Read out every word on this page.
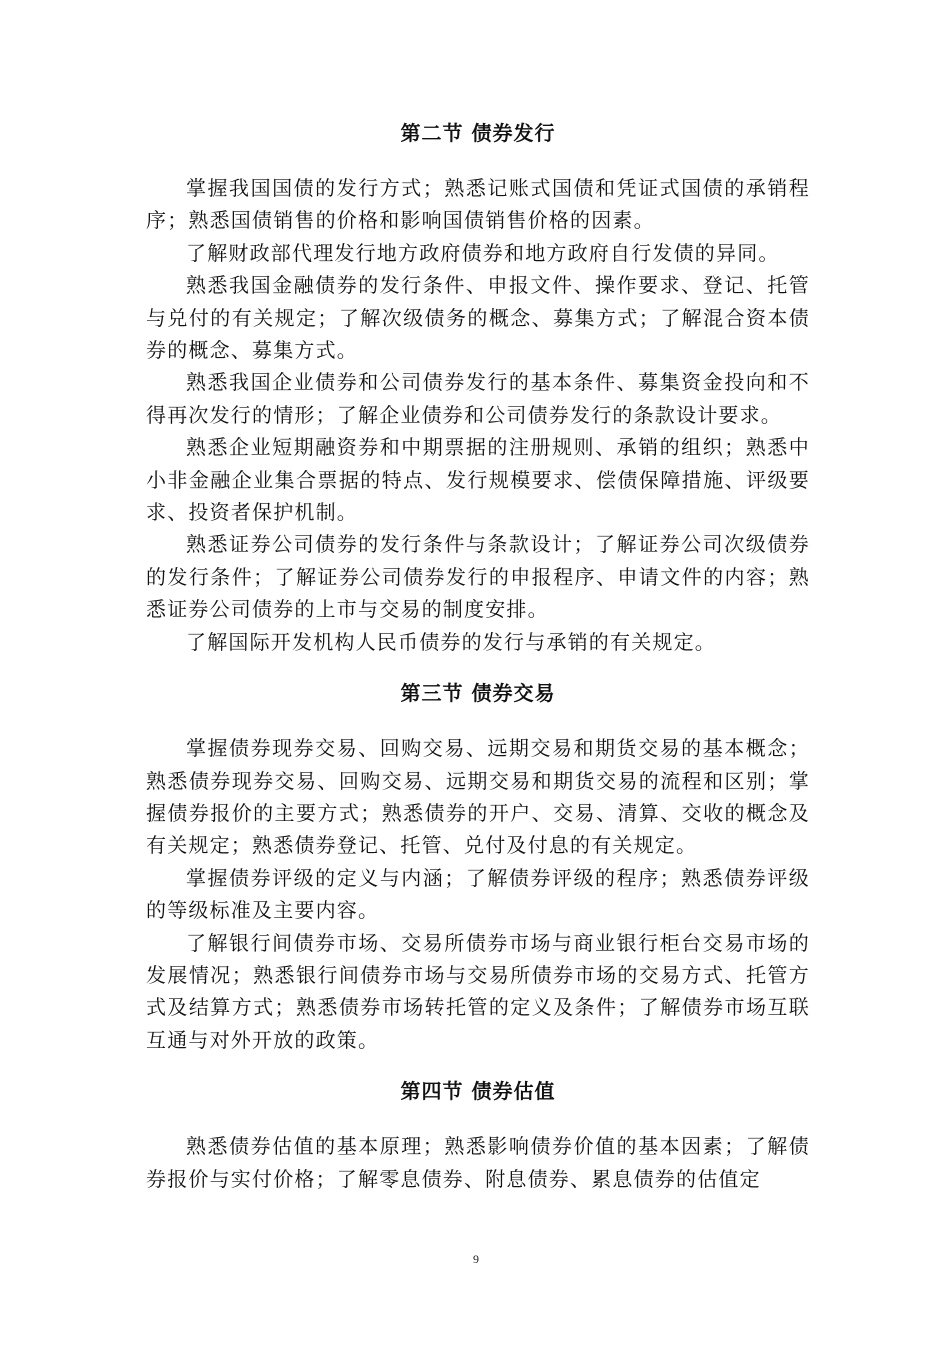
第二节 债券发行

掌握我国国债的发行方式；熟悉记账式国债和凭证式国债的承销程序；熟悉国债销售的价格和影响国债销售价格的因素。

了解财政部代理发行地方政府债券和地方政府自行发债的异同。

熟悉我国金融债券的发行条件、申报文件、操作要求、登记、托管与兑付的有关规定；了解次级债务的概念、募集方式；了解混合资本债券的概念、募集方式。

熟悉我国企业债券和公司债券发行的基本条件、募集资金投向和不得再次发行的情形；了解企业债券和公司债券发行的条款设计要求。

熟悉企业短期融资券和中期票据的注册规则、承销的组织；熟悉中小非金融企业集合票据的特点、发行规模要求、偿债保障措施、评级要求、投资者保护机制。

熟悉证券公司债券的发行条件与条款设计；了解证券公司次级债券的发行条件；了解证券公司债券发行的申报程序、申请文件的内容；熟悉证券公司债券的上市与交易的制度安排。

了解国际开发机构人民币债券的发行与承销的有关规定。

第三节 债券交易

掌握债券现券交易、回购交易、远期交易和期货交易的基本概念；熟悉债券现券交易、回购交易、远期交易和期货交易的流程和区别；掌握债券报价的主要方式；熟悉债券的开户、交易、清算、交收的概念及有关规定；熟悉债券登记、托管、兑付及付息的有关规定。

掌握债券评级的定义与内涵；了解债券评级的程序；熟悉债券评级的等级标准及主要内容。

了解银行间债券市场、交易所债券市场与商业银行柜台交易市场的发展情况；熟悉银行间债券市场与交易所债券市场的交易方式、托管方式及结算方式；熟悉债券市场转托管的定义及条件；了解债券市场互联互通与对外开放的政策。

第四节 债券估值

熟悉债券估值的基本原理；熟悉影响债券价值的基本因素；了解债券报价与实付价格；了解零息债券、附息债券、累息债券的估值定

9
